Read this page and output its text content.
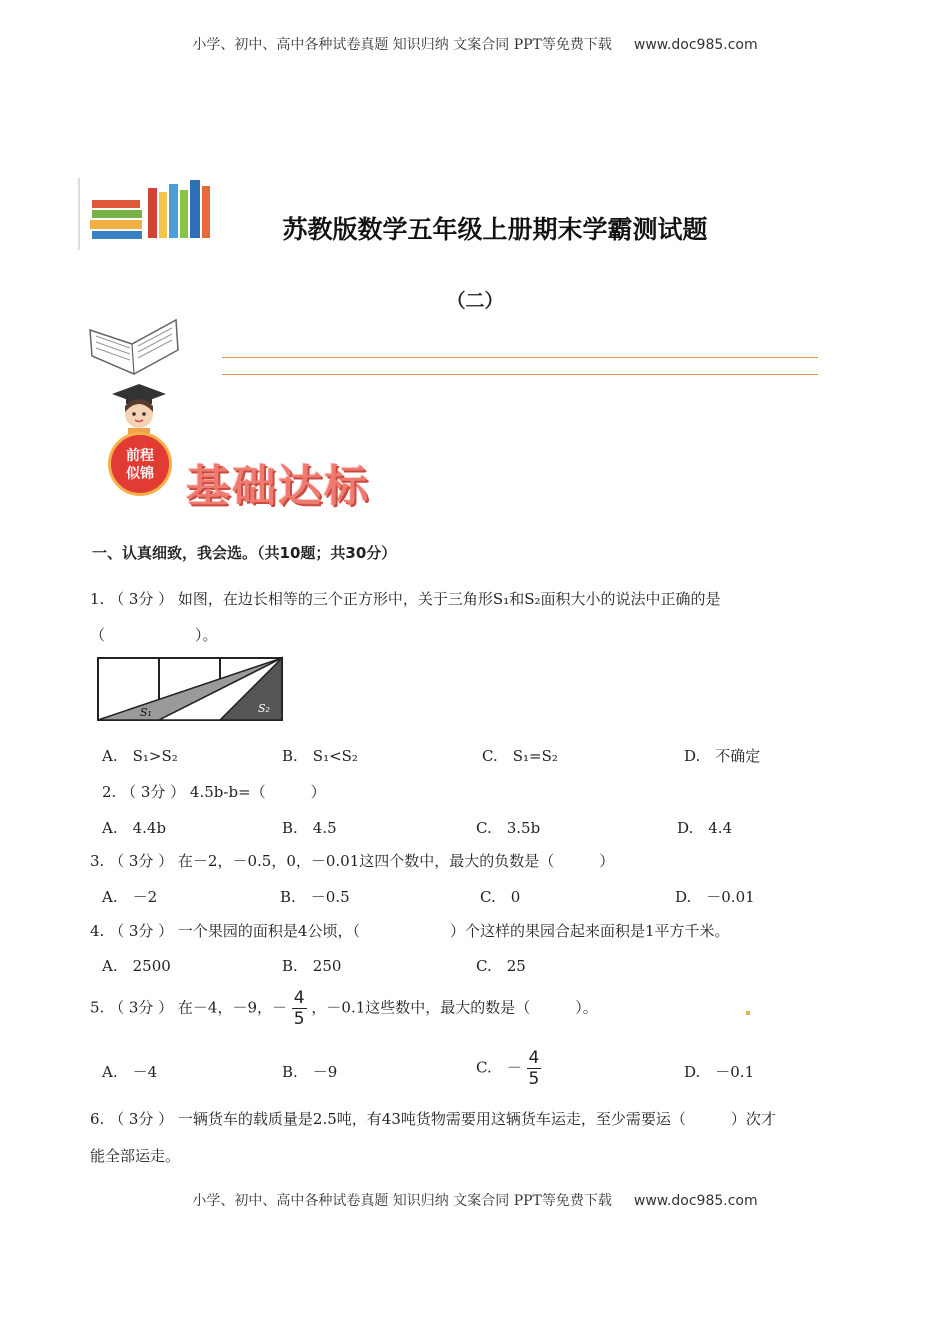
小学、初中、高中各种试卷真题 知识归纳 文案合同 PPT等免费下载 www.doc985.com
苏教版数学五年级上册期末学霸测试题
（二）
前程
似锦 基础达标
一、认真细致，我会选。（共10题；共30分）
1. （ 3分 ） 如图，在边长相等的三个正方形中，关于三角形S₁和S₂面积大小的说法中正确的是
（　　　　　　）。
S₁	S₂
A.　S₁>S₂	B.　S₁<S₂	C.　S₁=S₂	D.　不确定
2. （ 3分 ） 4.5b-b=（　　　）
A.　4.4b	B.　4.5	C.　3.5b	D.　4.4
3. （ 3分 ） 在－2，－0.5，0，－0.01这四个数中，最大的负数是（　　　）
A.　－2	B.　－0.5	C.　0	D.　－0.01
4. （ 3分 ） 一个果园的面积是4公顷，（　　　　　　）个这样的果园合起来面积是1平方千米。
A.　2500	B.　250	C.　25
5. （ 3分 ） 在－4，－9，－ $\frac{4}{5}$ ，－0.1这些数中，最大的数是（　　　）。
A.　－4	B.　－9	C.　－ $\frac{4}{5}$	D.　－0.1
6. （ 3分 ） 一辆货车的载质量是2.5吨，有43吨货物需要用这辆货车运走，至少需要运（　　　）次才
能全部运走。
小学、初中、高中各种试卷真题 知识归纳 文案合同 PPT等免费下载 www.doc985.com
